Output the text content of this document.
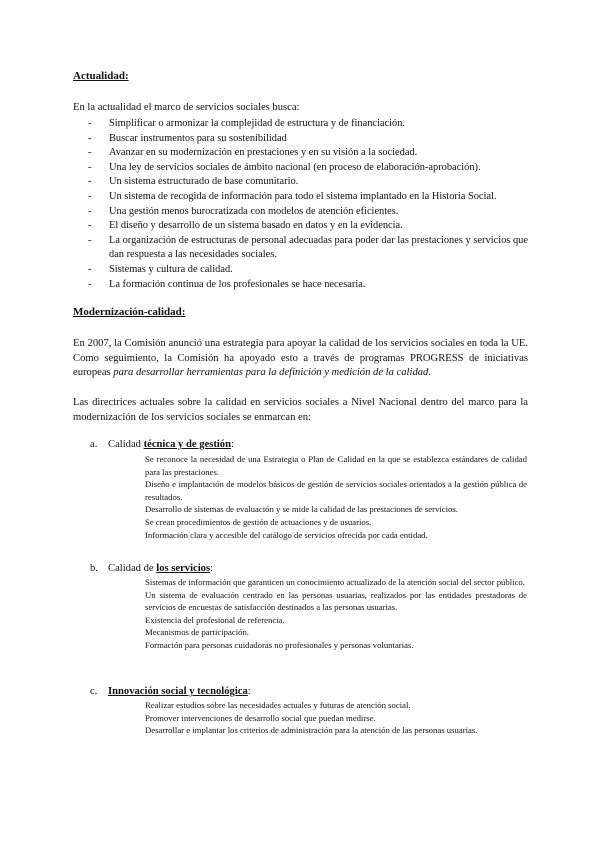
Actualidad:
En la actualidad el marco de servicios sociales busca:
- Simplificar o armonizar la complejidad de estructura y de financiación.
- Buscar instrumentos para su sostenibilidad
- Avanzar en su modernización en prestaciones y en su visión a la sociedad.
- Una ley de servicios sociales de ámbito nacional (en proceso de elaboración-aprobación).
- Un sistema estructurado de base comunitario.
- Un sistema de recogida de información para todo el sistema implantado en la Historia Social.
- Una gestión menos burocratizada con modelos de atención eficientes.
- El diseño y desarrollo de un sistema basado en datos y en la evidencia.
- La organización de estructuras de personal adecuadas para poder dar las prestaciones y servicios que dan respuesta a las necesidades sociales.
- Sistemas y cultura de calidad.
- La formación continua de los profesionales se hace necesaria.
Modernización-calidad:
En 2007, la Comisión anunció una estrategia para apoyar la calidad de los servicios sociales en toda la UE. Como seguimiento, la Comisión ha apoyado esto a través de programas PROGRESS de iniciativas europeas para desarrollar herramientas para la definición y medición de la calidad.
Las directrices actuales sobre la calidad en servicios sociales a Nivel Nacional dentro del marco para la modernización de los servicios sociales se enmarcan en:
a. Calidad técnica y de gestión:
Se reconoce la necesidad de una Estrategia o Plan de Calidad en la que se establezca estándares de calidad para las prestaciones.
Diseño e implantación de modelos básicos de gestión de servicios sociales orientados a la gestión pública de resultados.
Desarrollo de sistemas de evaluación y se mide la calidad de las prestaciones de servicios.
Se crean procedimientos de gestión de actuaciones y de usuarios.
Información clara y accesible del catálogo de servicios ofrecida por cada entidad.
b. Calidad de los servicios:
Sistemas de información que garanticen un conocimiento actualizado de la atención social del sector público.
Un sistema de evaluación centrado en las personas usuarias, realizados por las entidades prestadoras de servicios de encuestas de satisfacción destinados a las personas usuarias.
Existencia del profesional de referencia.
Mecanismos de participación.
Formación para personas cuidadoras no profesionales y personas voluntarias.
c. Innovación social y tecnológica:
Realizar estudios sobre las necesidades actuales y futuras de atención social.
Promover intervenciones de desarrollo social que puedan medirse.
Desarrollar e implantar los criterios de administración para la atención de las personas usuarias.
